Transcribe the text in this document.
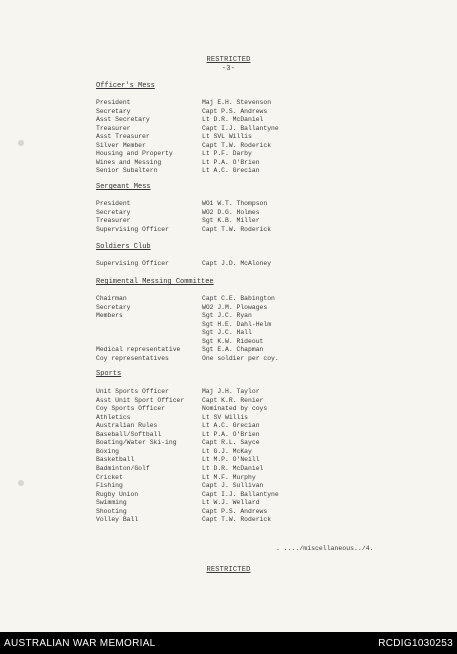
RESTRICTED
-3-
Officer's Mess
President	Maj E.H. Stevenson
Secretary	Capt P.S. Andrews
Asst Secretary	Lt D.R. McDaniel
Treasurer	Capt I.J. Ballantyne
Asst Treasurer	Lt SVL Willis
Silver Member	Capt T.W. Roderick
Housing and Property	Lt P.F. Darby
Wines and Messing	Lt P.A. O'Brien
Senior Subaltern	Lt A.C. Grecian
Sergeant Mess
President	WO1 W.T. Thompson
Secretary	WO2 D.G. Holmes
Treasurer	Sgt K.B. Miller
Supervising Officer	Capt T.W. Roderick
Soldiers Club
Supervising Officer	Capt J.D. McAloney
Regimental Messing Committee
Chairman	Capt C.E. Babington
Secretary	WO2 J.M. Plowages
Members	Sgt J.C. Ryan
Sgt H.E. Dahl-Helm
Sgt J.C. Hall
Sgt K.W. Rideout
Medical representative	Sgt E.A. Chapman
Coy representatives	One soldier per coy.
Sports
Unit Sports Officer	Maj J.H. Taylor
Asst Unit Sport Officer	Capt K.R. Renier
Coy Sports Officer	Nominated by coys
Athletics	Lt SV Willis
Australian Rules	Lt A.C. Grecian
Baseball/Softball	Lt P.A. O'Brien
Boating/Water Ski-ing	Capt R.L. Sayce
Boxing	Lt G.J. McKay
Basketball	Lt M.P. O'Neill
Badminton/Golf	Lt D.R. McDaniel
Cricket	Lt M.F. Murphy
Fishing	Capt J. Sullivan
Rugby Union	Capt I.J. Ballantyne
Swimming	Lt W.J. Wellard
Shooting	Capt P.S. Andrews
Volley Ball	Capt T.W. Roderick
. ..../miscellaneous../4.
RESTRICTED
AUSTRALIAN WAR MEMORIAL	RCDIG1030253
